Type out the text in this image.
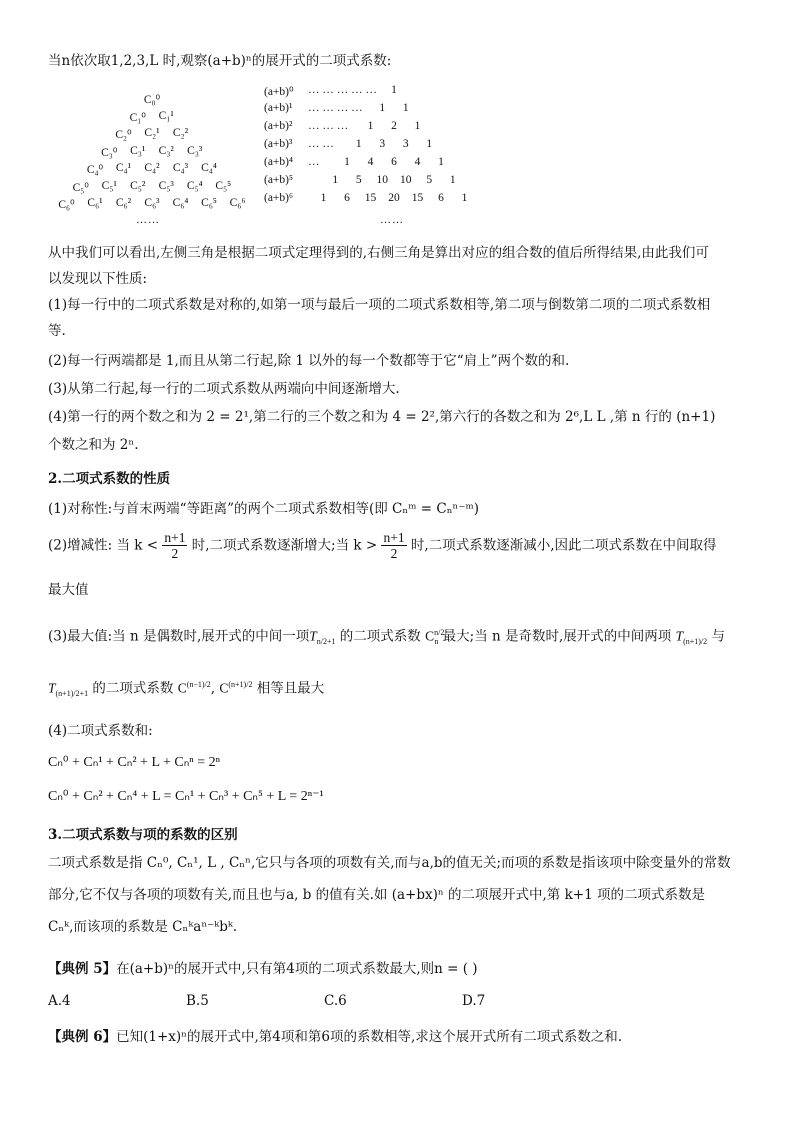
当n依次取1,2,3,L 时,观察(a+b)ⁿ的展开式的二项式系数:
C₀⁰
C₁⁰ C₁¹
C₂⁰ C₂¹ C₂²
C₃⁰ C₃¹ C₃² C₃³
C₄⁰ C₄¹ C₄² C₄³ C₄⁴
C₅⁰ C₅¹ C₅² C₅³ C₅⁴ C₅⁵
C₆⁰ C₆¹ C₆² C₆³ C₆⁴ C₆⁵ C₆⁶
……
(a+b)⁰ … … … … … 1
(a+b)¹ … … … … 1 1
(a+b)² … … … 1 2 1
(a+b)³ … … 1 3 3 1
(a+b)⁴ … 1 4 6 4 1
(a+b)⁵	1 5 10 10 5 1
(a+b)⁶ 1 6 15 20 15 6 1
……
从中我们可以看出,左侧三角是根据二项式定理得到的,右侧三角是算出对应的组合数的值后所得结果,由此我们可
以发现以下性质:
(1)每一行中的二项式系数是对称的,如第一项与最后一项的二项式系数相等,第二项与倒数第二项的二项式系数相
等.
(2)每一行两端都是 1,而且从第二行起,除 1 以外的每一个数都等于它“肩上”两个数的和.
(3)从第二行起,每一行的二项式系数从两端向中间逐渐增大.
(4)第一行的两个数之和为 2 = 2¹,第二行的三个数之和为 4 = 2²,第六行的各数之和为 2⁶,L L ,第 n 行的 (n+1)
个数之和为 2ⁿ.
2.二项式系数的性质
(1)对称性:与首末两端“等距离”的两个二项式系数相等(即 Cₙᵐ = Cₙⁿ⁻ᵐ)
(2)增减性: 当 $k < \frac{n+1}{2}$ 时,二项式系数逐渐增大;当 $k > \frac{n+1}{2}$ 时,二项式系数逐渐减小,因此二项式系数在中间取得
最大值
(3)最大值:当 n 是偶数时,展开式的中间一项$T_{n/2+1}$ 的二项式系数 $C^{n/2}_n$ 最大;当 n 是奇数时,展开式的中间两项 $T_{(n+1)/2}$ 与
$T_{(n+1)/2+1}$ 的二项式系数 $C^{(n-1)/2}$, $C^{(n+1)/2}$ 相等且最大
(4)二项式系数和:
Cₙ⁰ + Cₙ¹ + Cₙ² + L + Cₙⁿ = 2ⁿ
Cₙ⁰ + Cₙ² + Cₙ⁴ + L = Cₙ¹ + Cₙ³ + Cₙ⁵ + L = 2ⁿ⁻¹
3.二项式系数与项的系数的区别
二项式系数是指 Cₙ⁰, Cₙ¹, L , Cₙⁿ,它只与各项的项数有关,而与a,b的值无关;而项的系数是指该项中除变量外的常数
部分,它不仅与各项的项数有关,而且也与a, b 的值有关.如 (a+bx)ⁿ 的二项展开式中,第 k+1 项的二项式系数是
Cₙᵏ,而该项的系数是 Cₙᵏaⁿ⁻ᵏbᵏ.
【典例 5】在(a+b)ⁿ的展开式中,只有第4项的二项式系数最大,则n = ( )
A.4	B.5	C.6	D.7
【典例 6】已知(1+x)ⁿ的展开式中,第4项和第6项的系数相等,求这个展开式所有二项式系数之和.
